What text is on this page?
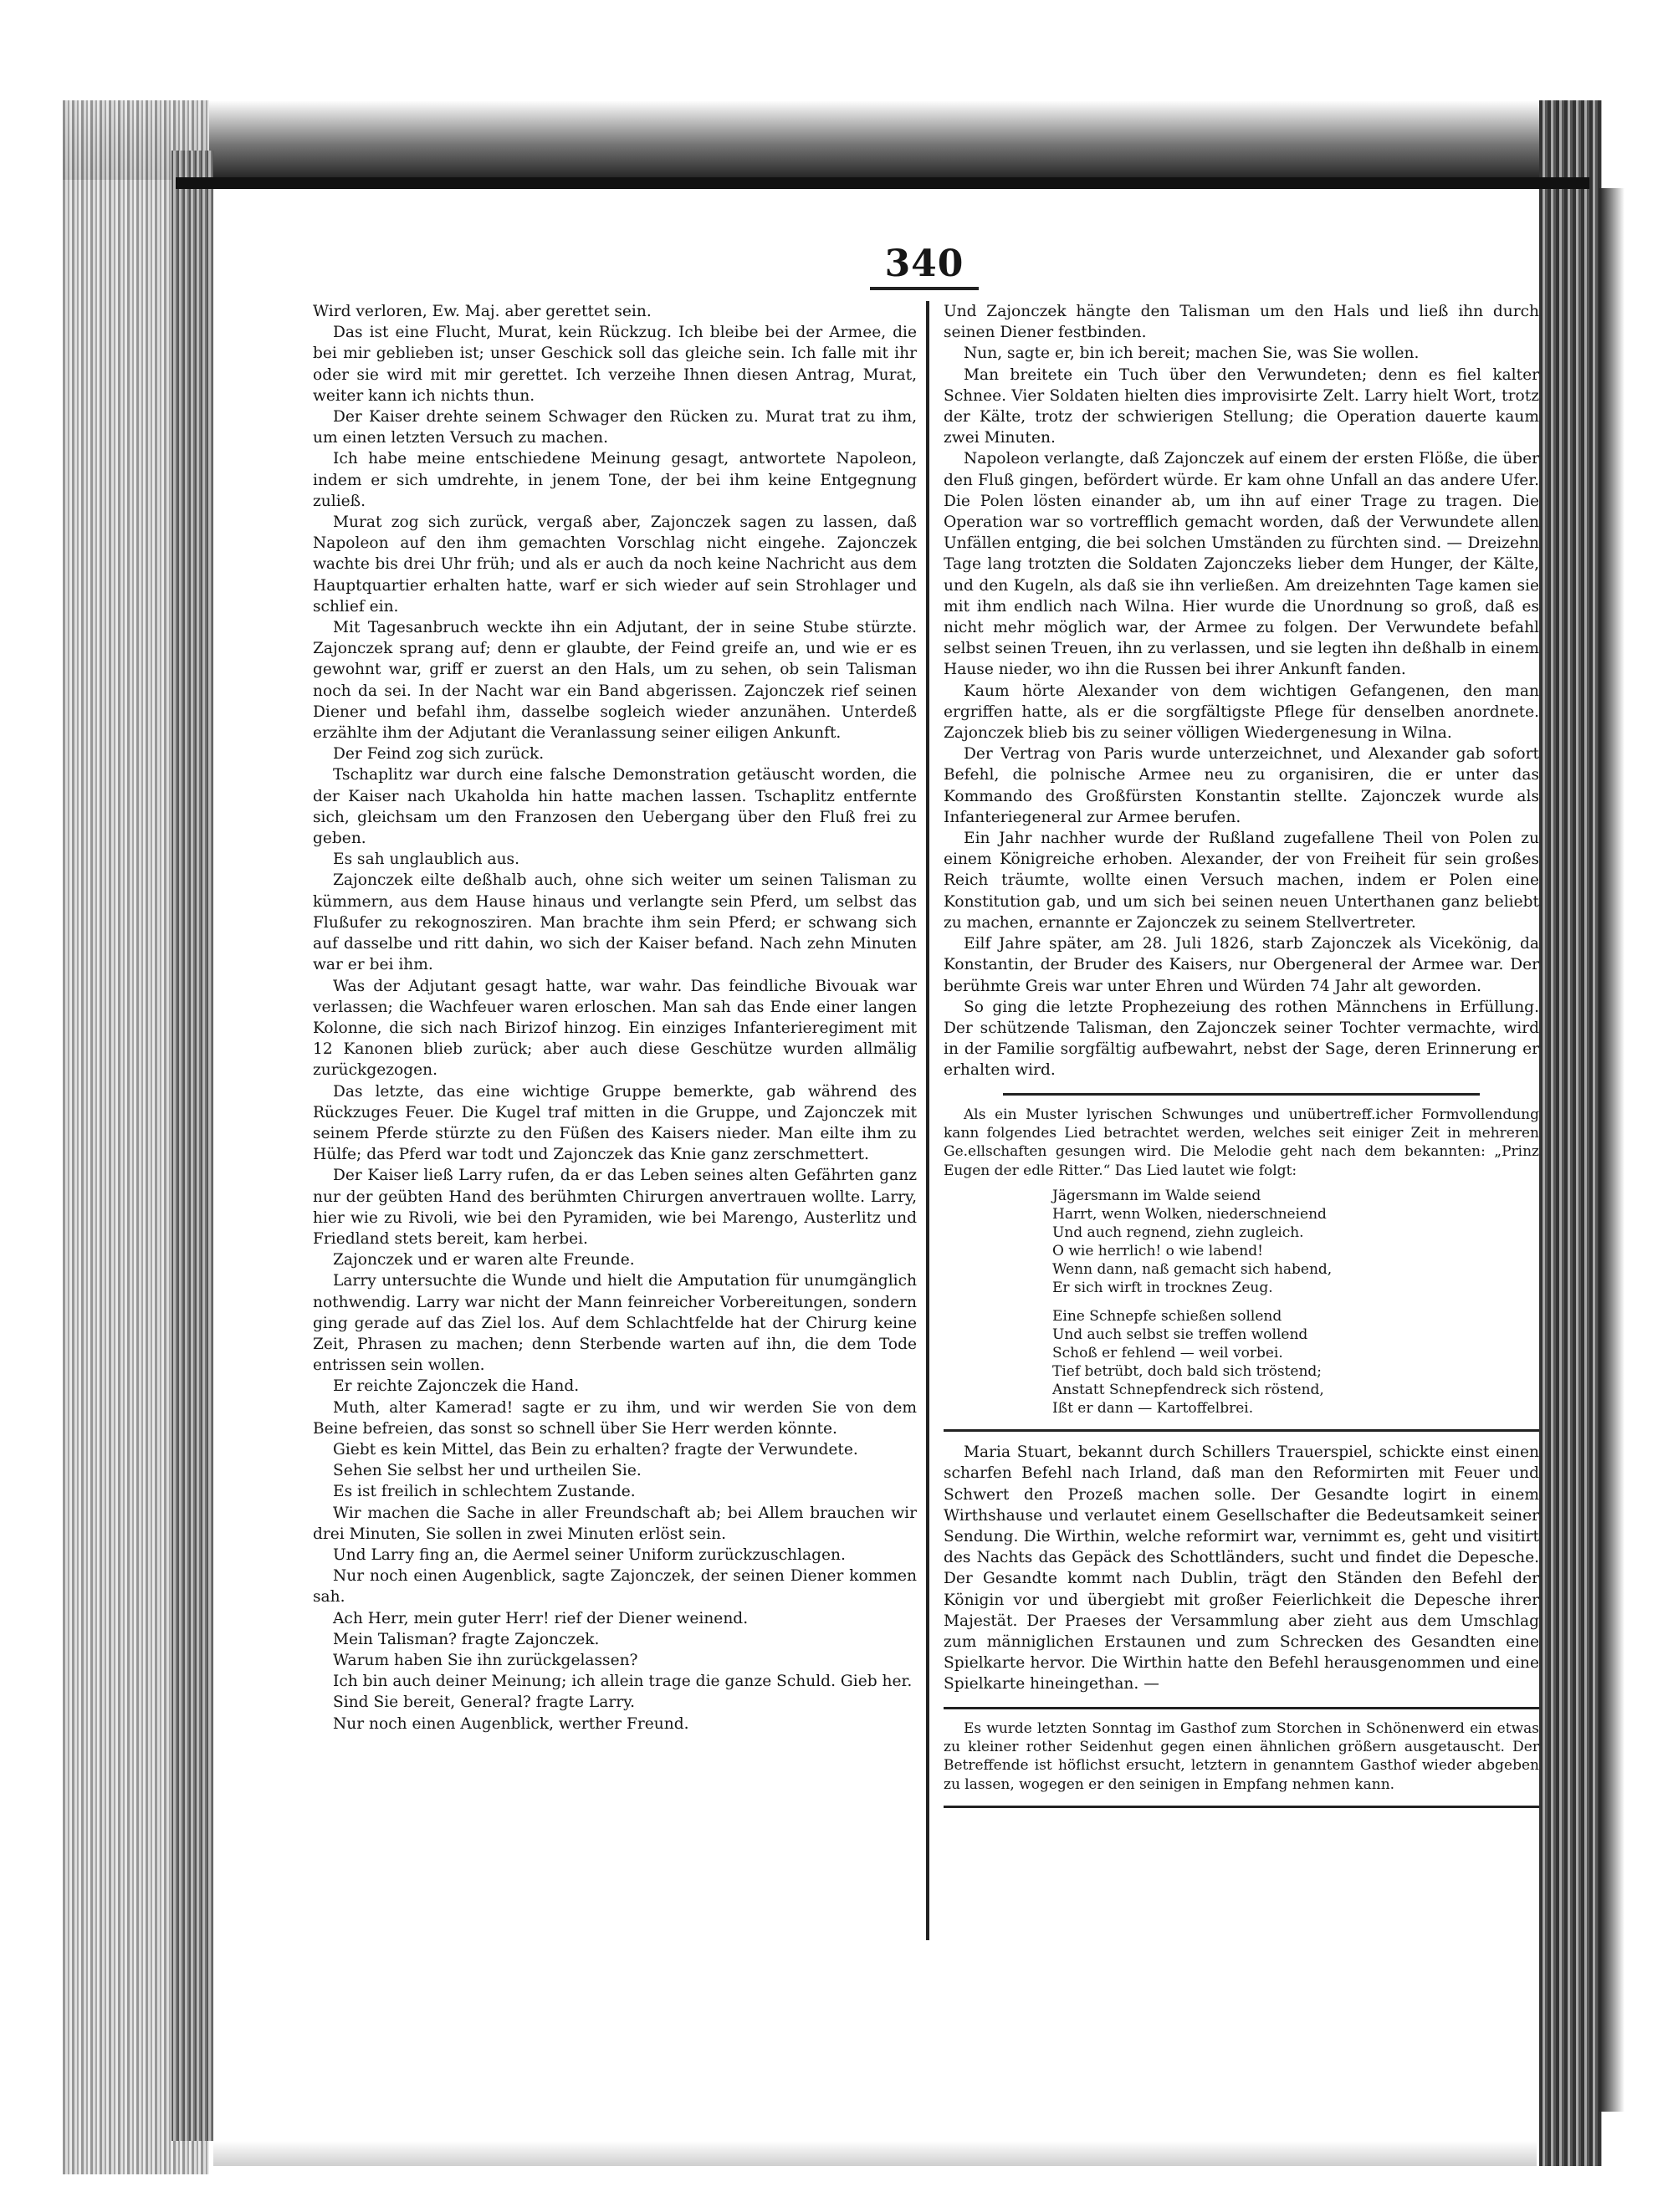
340

Wird verloren, Ew. Maj. aber gerettet sein.

Das ist eine Flucht, Murat, kein Rückzug. Ich bleibe bei der Armee, die bei mir geblieben ist; unser Geschick soll das gleiche sein. Ich falle mit ihr oder sie wird mit mir gerettet. Ich verzeihe Ihnen diesen Antrag, Murat, weiter kann ich nichts thun.

Der Kaiser drehte seinem Schwager den Rücken zu. Murat trat zu ihm, um einen letzten Versuch zu machen.

Ich habe meine entschiedene Meinung gesagt, antwortete Napoleon, indem er sich umdrehte, in jenem Tone, der bei ihm keine Entgegnung zuließ.

Murat zog sich zurück, vergaß aber, Zajonczek sagen zu lassen, daß Napoleon auf den ihm gemachten Vorschlag nicht eingehe. Zajonczek wachte bis drei Uhr früh; und als er auch da noch keine Nachricht aus dem Hauptquartier erhalten hatte, warf er sich wieder auf sein Strohlager und schlief ein.

Mit Tagesanbruch weckte ihn ein Adjutant, der in seine Stube stürzte. Zajonczek sprang auf; denn er glaubte, der Feind greife an, und wie er es gewohnt war, griff er zuerst an den Hals, um zu sehen, ob sein Talisman noch da sei. In der Nacht war ein Band abgerissen. Zajonczek rief seinen Diener und befahl ihm, dasselbe sogleich wieder anzunähen. Unterdeß erzählte ihm der Adjutant die Veranlassung seiner eiligen Ankunft.

Der Feind zog sich zurück.

Tschaplitz war durch eine falsche Demonstration getäuscht worden, die der Kaiser nach Ukaholda hin hatte machen lassen. Tschaplitz entfernte sich, gleichsam um den Franzosen den Uebergang über den Fluß frei zu geben.

Es sah unglaublich aus.

Zajonczek eilte deßhalb auch, ohne sich weiter um seinen Talisman zu kümmern, aus dem Hause hinaus und verlangte sein Pferd, um selbst das Flußufer zu rekognosziren. Man brachte ihm sein Pferd; er schwang sich auf dasselbe und ritt dahin, wo sich der Kaiser befand. Nach zehn Minuten war er bei ihm.

Was der Adjutant gesagt hatte, war wahr. Das feindliche Bivouak war verlassen; die Wachfeuer waren erloschen. Man sah das Ende einer langen Kolonne, die sich nach Birizof hinzog. Ein einziges Infanterieregiment mit 12 Kanonen blieb zurück; aber auch diese Geschütze wurden allmälig zurückgezogen.

Das letzte, das eine wichtige Gruppe bemerkte, gab während des Rückzuges Feuer. Die Kugel traf mitten in die Gruppe, und Zajonczek mit seinem Pferde stürzte zu den Füßen des Kaisers nieder. Man eilte ihm zu Hülfe; das Pferd war todt und Zajonczek das Knie ganz zerschmettert.

Der Kaiser ließ Larry rufen, da er das Leben seines alten Gefährten ganz nur der geübten Hand des berühmten Chirurgen anvertrauen wollte. Larry, hier wie zu Rivoli, wie bei den Pyramiden, wie bei Marengo, Austerlitz und Friedland stets bereit, kam herbei.

Zajonczek und er waren alte Freunde.

Larry untersuchte die Wunde und hielt die Amputation für unumgänglich nothwendig. Larry war nicht der Mann feinreicher Vorbereitungen, sondern ging gerade auf das Ziel los. Auf dem Schlachtfelde hat der Chirurg keine Zeit, Phrasen zu machen; denn Sterbende warten auf ihn, die dem Tode entrissen sein wollen.

Er reichte Zajonczek die Hand.

Muth, alter Kamerad! sagte er zu ihm, und wir werden Sie von dem Beine befreien, das sonst so schnell über Sie Herr werden könnte.

Giebt es kein Mittel, das Bein zu erhalten? fragte der Verwundete.

Sehen Sie selbst her und urtheilen Sie.

Es ist freilich in schlechtem Zustande.

Wir machen die Sache in aller Freundschaft ab; bei Allem brauchen wir drei Minuten, Sie sollen in zwei Minuten erlöst sein.

Und Larry fing an, die Aermel seiner Uniform zurückzuschlagen.

Nur noch einen Augenblick, sagte Zajonczek, der seinen Diener kommen sah.

Ach Herr, mein guter Herr! rief der Diener weinend.

Mein Talisman? fragte Zajonczek.

Warum haben Sie ihn zurückgelassen?

Ich bin auch deiner Meinung; ich allein trage die ganze Schuld. Gieb her.

Sind Sie bereit, General? fragte Larry.

Nur noch einen Augenblick, werther Freund.

Und Zajonczek hängte den Talisman um den Hals und ließ ihn durch seinen Diener festbinden.

Nun, sagte er, bin ich bereit; machen Sie, was Sie wollen.

Man breitete ein Tuch über den Verwundeten; denn es fiel kalter Schnee. Vier Soldaten hielten dies improvisirte Zelt. Larry hielt Wort, trotz der Kälte, trotz der schwierigen Stellung; die Operation dauerte kaum zwei Minuten.

Napoleon verlangte, daß Zajonczek auf einem der ersten Flöße, die über den Fluß gingen, befördert würde. Er kam ohne Unfall an das andere Ufer. Die Polen lösten einander ab, um ihn auf einer Trage zu tragen. Die Operation war so vortrefflich gemacht worden, daß der Verwundete allen Unfällen entging, die bei solchen Umständen zu fürchten sind. — Dreizehn Tage lang trotzten die Soldaten Zajonczeks lieber dem Hunger, der Kälte, und den Kugeln, als daß sie ihn verließen. Am dreizehnten Tage kamen sie mit ihm endlich nach Wilna. Hier wurde die Unordnung so groß, daß es nicht mehr möglich war, der Armee zu folgen. Der Verwundete befahl selbst seinen Treuen, ihn zu verlassen, und sie legten ihn deßhalb in einem Hause nieder, wo ihn die Russen bei ihrer Ankunft fanden.

Kaum hörte Alexander von dem wichtigen Gefangenen, den man ergriffen hatte, als er die sorgfältigste Pflege für denselben anordnete. Zajonczek blieb bis zu seiner völligen Wiedergenesung in Wilna.

Der Vertrag von Paris wurde unterzeichnet, und Alexander gab sofort Befehl, die polnische Armee neu zu organisiren, die er unter das Kommando des Großfürsten Konstantin stellte. Zajonczek wurde als Infanteriegeneral zur Armee berufen.

Ein Jahr nachher wurde der Rußland zugefallene Theil von Polen zu einem Königreiche erhoben. Alexander, der von Freiheit für sein großes Reich träumte, wollte einen Versuch machen, indem er Polen eine Konstitution gab, und um sich bei seinen neuen Unterthanen ganz beliebt zu machen, ernannte er Zajonczek zu seinem Stellvertreter.

Eilf Jahre später, am 28. Juli 1826, starb Zajonczek als Vicekönig, da Konstantin, der Bruder des Kaisers, nur Obergeneral der Armee war. Der berühmte Greis war unter Ehren und Würden 74 Jahr alt geworden.

So ging die letzte Prophezeiung des rothen Männchens in Erfüllung. Der schützende Talisman, den Zajonczek seiner Tochter vermachte, wird in der Familie sorgfältig aufbewahrt, nebst der Sage, deren Erinnerung er erhalten wird.

Als ein Muster lyrischen Schwunges und unübertreff.icher Formvollendung kann folgendes Lied betrachtet werden, welches seit einiger Zeit in mehreren Ge.ellschaften gesungen wird. Die Melodie geht nach dem bekannten: „Prinz Eugen der edle Ritter.“ Das Lied lautet wie folgt:

Jägersmann im Walde seiend
Harrt, wenn Wolken, niederschneiend
Und auch regnend, ziehn zugleich.
O wie herrlich! o wie labend!
Wenn dann, naß gemacht sich habend,
Er sich wirft in trocknes Zeug.
Eine Schnepfe schießen sollend
Und auch selbst sie treffen wollend
Schoß er fehlend — weil vorbei.
Tief betrübt, doch bald sich tröstend;
Anstatt Schnepfendreck sich röstend,
Ißt er dann — Kartoffelbrei.

Maria Stuart, bekannt durch Schillers Trauerspiel, schickte einst einen scharfen Befehl nach Irland, daß man den Reformirten mit Feuer und Schwert den Prozeß machen solle. Der Gesandte logirt in einem Wirthshause und verlautet einem Gesellschafter die Bedeutsamkeit seiner Sendung. Die Wirthin, welche reformirt war, vernimmt es, geht und visitirt des Nachts das Gepäck des Schottländers, sucht und findet die Depesche. Der Gesandte kommt nach Dublin, trägt den Ständen den Befehl der Königin vor und übergiebt mit großer Feierlichkeit die Depesche ihrer Majestät. Der Praeses der Versammlung aber zieht aus dem Umschlag zum männiglichen Erstaunen und zum Schrecken des Gesandten eine Spielkarte hervor. Die Wirthin hatte den Befehl herausgenommen und eine Spielkarte hineingethan. —

Es wurde letzten Sonntag im Gasthof zum Storchen in Schönenwerd ein etwas zu kleiner rother Seidenhut gegen einen ähnlichen größern ausgetauscht. Der Betreffende ist höflichst ersucht, letztern in genanntem Gasthof wieder abgeben zu lassen, wogegen er den seinigen in Empfang nehmen kann.
